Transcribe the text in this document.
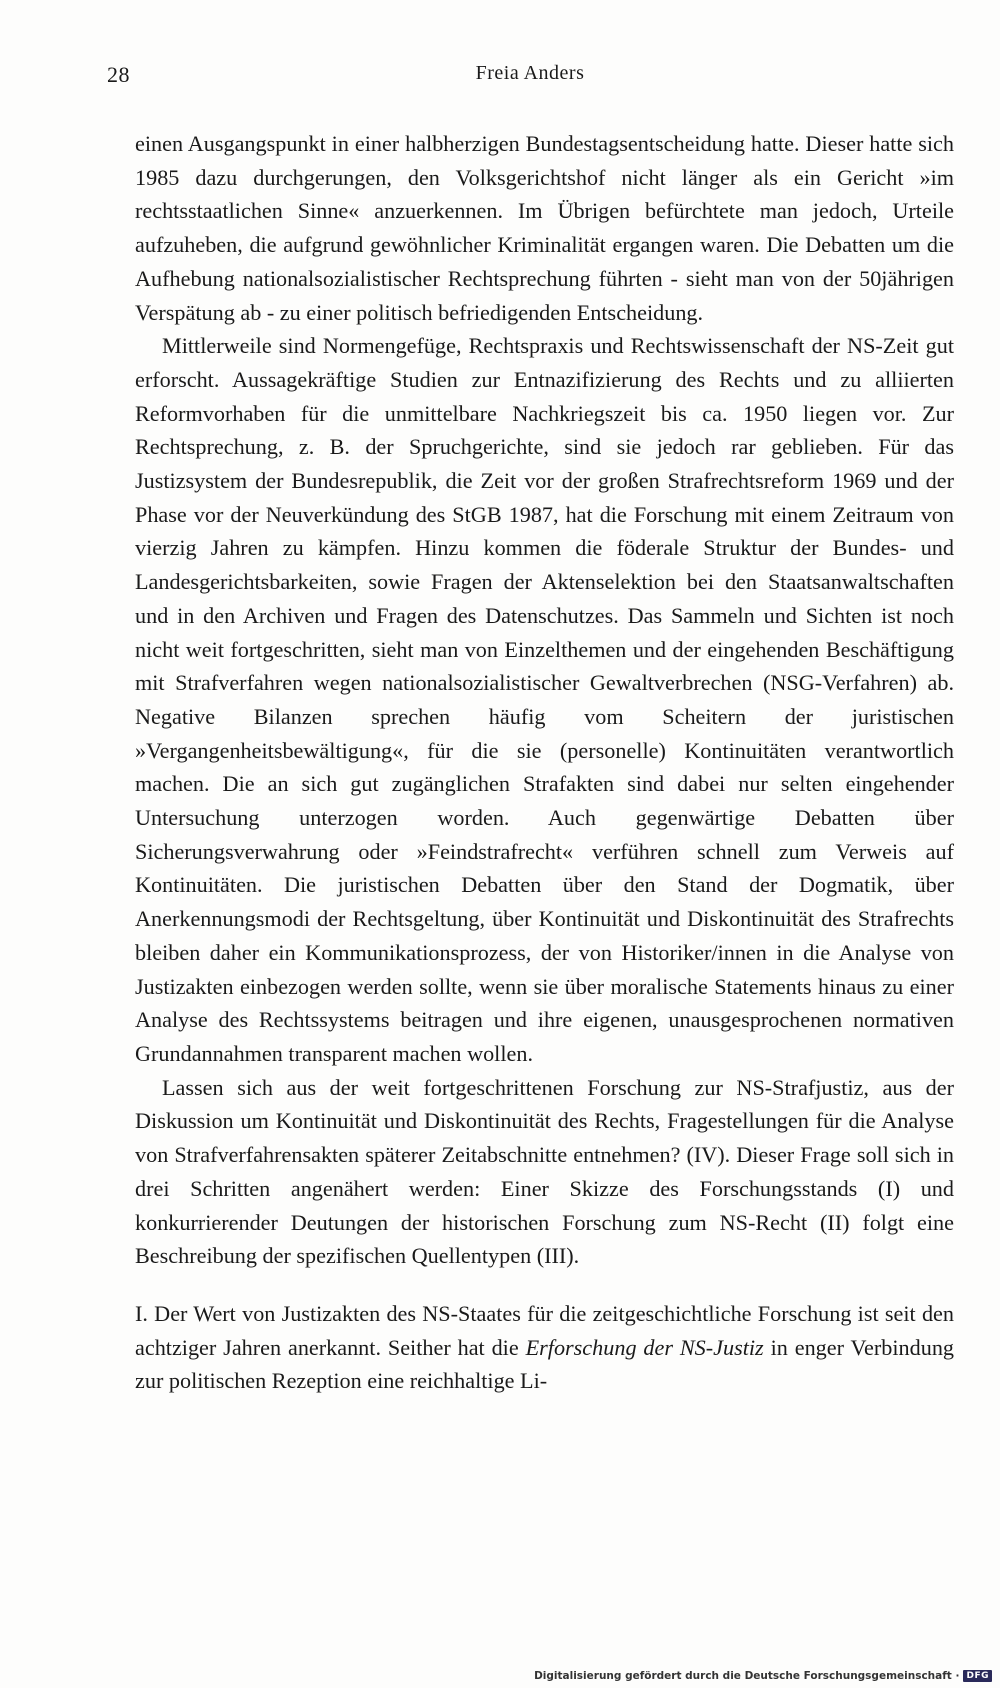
28	Freia Anders

einen Ausgangspunkt in einer halbherzigen Bundestagsentscheidung hatte. Dieser hatte sich 1985 dazu durchgerungen, den Volksgerichtshof nicht länger als ein Gericht »im rechtsstaatlichen Sinne« anzuerkennen. Im Übrigen befürchtete man jedoch, Urteile aufzuheben, die aufgrund gewöhnlicher Kriminalität ergangen waren. Die Debatten um die Aufhebung nationalsozialistischer Rechtsprechung führten - sieht man von der 50jährigen Verspätung ab - zu einer politisch befriedigenden Entscheidung.

Mittlerweile sind Normengefüge, Rechtspraxis und Rechtswissenschaft der NS-Zeit gut erforscht. Aussagekräftige Studien zur Entnazifizierung des Rechts und zu alliierten Reformvorhaben für die unmittelbare Nachkriegszeit bis ca. 1950 liegen vor. Zur Rechtsprechung, z. B. der Spruchgerichte, sind sie jedoch rar geblieben. Für das Justizsystem der Bundesrepublik, die Zeit vor der großen Strafrechtsreform 1969 und der Phase vor der Neuverkündung des StGB 1987, hat die Forschung mit einem Zeitraum von vierzig Jahren zu kämpfen. Hinzu kommen die föderale Struktur der Bundes- und Landesgerichtsbarkeiten, sowie Fragen der Aktenselektion bei den Staatsanwaltschaften und in den Archiven und Fragen des Datenschutzes. Das Sammeln und Sichten ist noch nicht weit fortgeschritten, sieht man von Einzelthemen und der eingehenden Beschäftigung mit Strafverfahren wegen nationalsozialistischer Gewaltverbrechen (NSG-Verfahren) ab. Negative Bilanzen sprechen häufig vom Scheitern der juristischen »Vergangenheitsbewältigung«, für die sie (personelle) Kontinuitäten verantwortlich machen. Die an sich gut zugänglichen Strafakten sind dabei nur selten eingehender Untersuchung unterzogen worden. Auch gegenwärtige Debatten über Sicherungsverwahrung oder »Feindstrafrecht« verführen schnell zum Verweis auf Kontinuitäten. Die juristischen Debatten über den Stand der Dogmatik, über Anerkennungsmodi der Rechtsgeltung, über Kontinuität und Diskontinuität des Strafrechts bleiben daher ein Kommunikationsprozess, der von Historiker/innen in die Analyse von Justizakten einbezogen werden sollte, wenn sie über moralische Statements hinaus zu einer Analyse des Rechtssystems beitragen und ihre eigenen, unausgesprochenen normativen Grundannahmen transparent machen wollen.

Lassen sich aus der weit fortgeschrittenen Forschung zur NS-Strafjustiz, aus der Diskussion um Kontinuität und Diskontinuität des Rechts, Fragestellungen für die Analyse von Strafverfahrensakten späterer Zeitabschnitte entnehmen? (IV). Dieser Frage soll sich in drei Schritten angenähert werden: Einer Skizze des Forschungsstands (I) und konkurrierender Deutungen der historischen Forschung zum NS-Recht (II) folgt eine Beschreibung der spezifischen Quellentypen (III).

I. Der Wert von Justizakten des NS-Staates für die zeitgeschichtliche Forschung ist seit den achtziger Jahren anerkannt. Seither hat die Erforschung der NS-Justiz in enger Verbindung zur politischen Rezeption eine reichhaltige Li-

Digitalisierung gefördert durch die Deutsche Forschungsgemeinschaft · DFG
